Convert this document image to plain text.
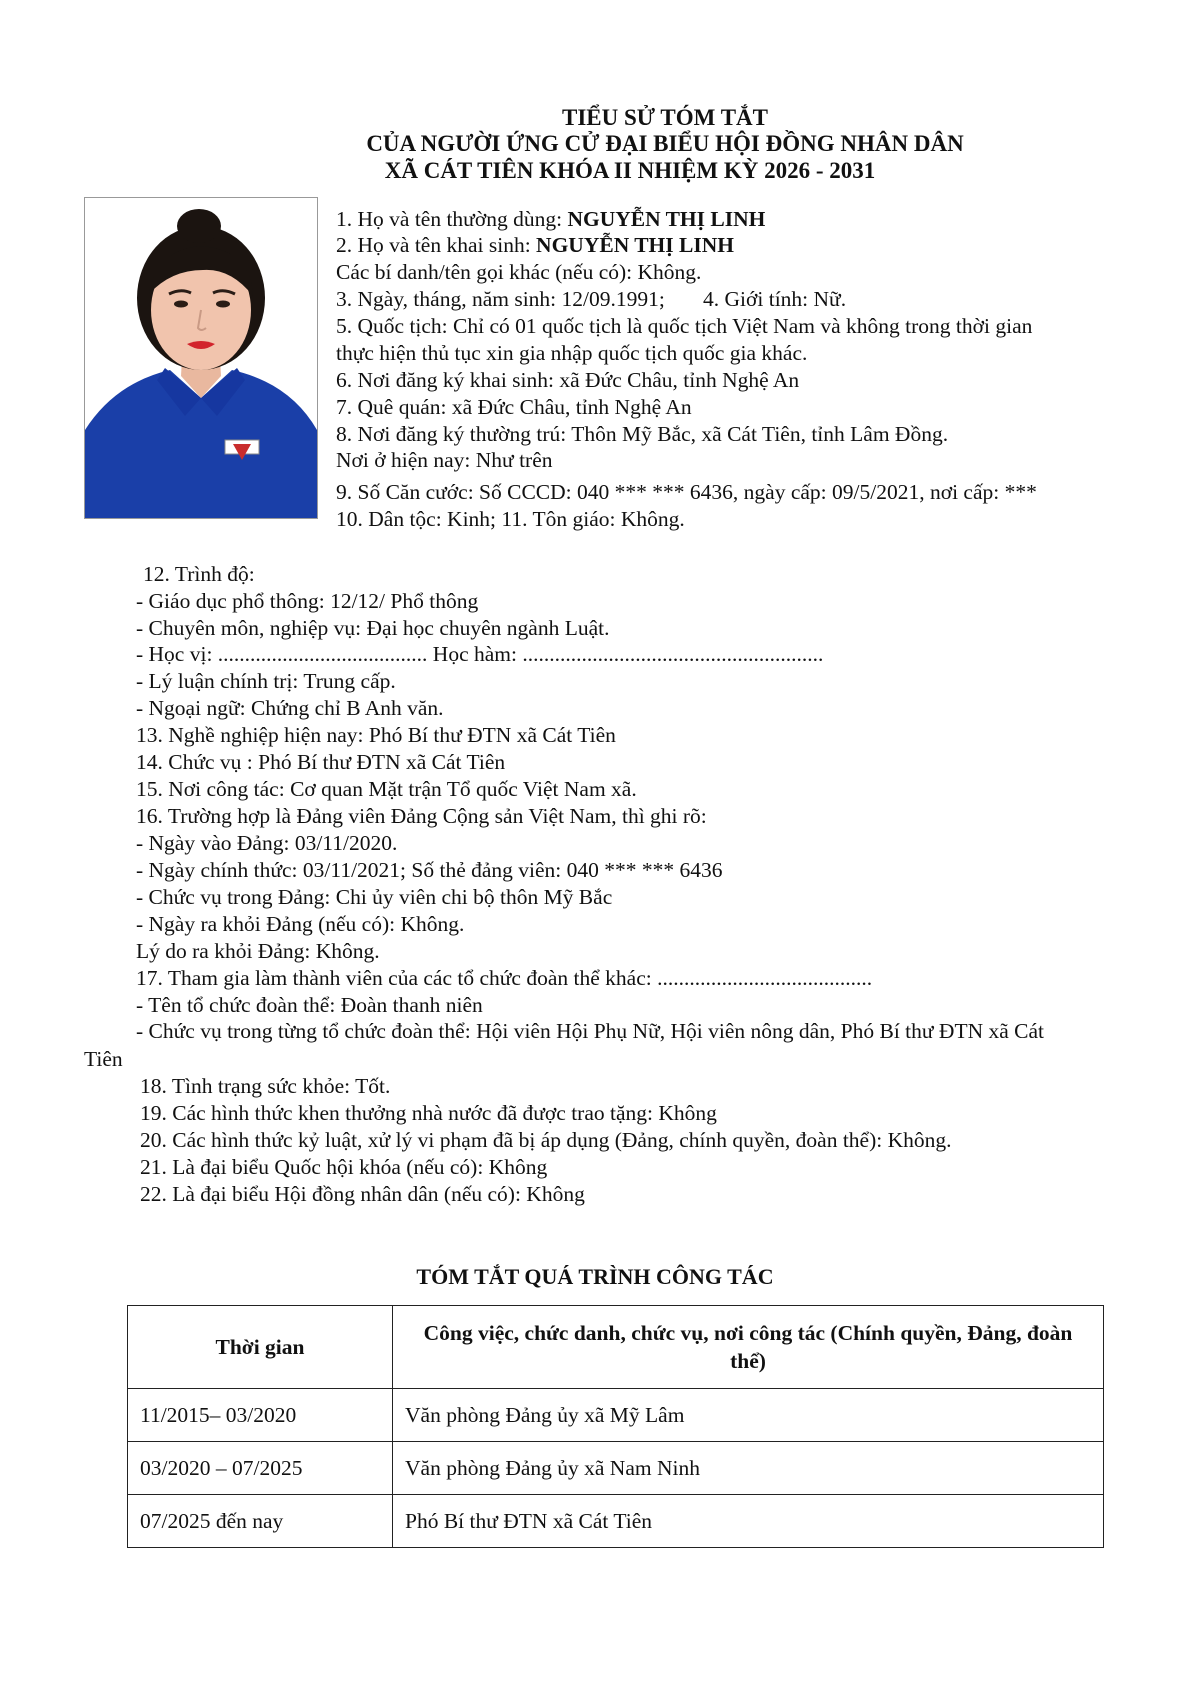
TIỂU SỬ TÓM TẮT
CỦA NGƯỜI ỨNG CỬ ĐẠI BIỂU HỘI ĐỒNG NHÂN DÂN
XÃ CÁT TIÊN KHÓA II NHIỆM KỲ 2026 - 2031
1. Họ và tên thường dùng: NGUYỄN THỊ LINH
2. Họ và tên khai sinh: NGUYỄN THỊ LINH
Các bí danh/tên gọi khác (nếu có): Không.
3. Ngày, tháng, năm sinh: 12/09.1991; 4. Giới tính: Nữ.
5. Quốc tịch: Chỉ có 01 quốc tịch là quốc tịch Việt Nam và không trong thời gian
thực hiện thủ tục xin gia nhập quốc tịch quốc gia khác.
6. Nơi đăng ký khai sinh: xã Đức Châu, tỉnh Nghệ An
7. Quê quán: xã Đức Châu, tỉnh Nghệ An
8. Nơi đăng ký thường trú: Thôn Mỹ Bắc, xã Cát Tiên, tỉnh Lâm Đồng.
Nơi ở hiện nay: Như trên
9. Số Căn cước: Số CCCD: 040 *** *** 6436, ngày cấp: 09/5/2021, nơi cấp: ***
10. Dân tộc: Kinh; 11. Tôn giáo: Không.
12. Trình độ:
- Giáo dục phổ thông: 12/12/ Phổ thông
- Chuyên môn, nghiệp vụ: Đại học chuyên ngành Luật.
- Học vị: ....................................... Học hàm: ........................................................
- Lý luận chính trị: Trung cấp.
- Ngoại ngữ: Chứng chỉ B Anh văn.
13. Nghề nghiệp hiện nay: Phó Bí thư ĐTN xã Cát Tiên
14. Chức vụ : Phó Bí thư ĐTN xã Cát Tiên
15. Nơi công tác: Cơ quan Mặt trận Tổ quốc Việt Nam xã.
16. Trường hợp là Đảng viên Đảng Cộng sản Việt Nam, thì ghi rõ:
- Ngày vào Đảng: 03/11/2020.
- Ngày chính thức: 03/11/2021; Số thẻ đảng viên: 040 *** *** 6436
- Chức vụ trong Đảng: Chi ủy viên chi bộ thôn Mỹ Bắc
- Ngày ra khỏi Đảng (nếu có): Không.
Lý do ra khỏi Đảng: Không.
17. Tham gia làm thành viên của các tổ chức đoàn thể khác: ........................................
- Tên tổ chức đoàn thể: Đoàn thanh niên
- Chức vụ trong từng tổ chức đoàn thể: Hội viên Hội Phụ Nữ, Hội viên nông dân, Phó Bí thư ĐTN xã Cát
Tiên
18. Tình trạng sức khỏe: Tốt.
19. Các hình thức khen thưởng nhà nước đã được trao tặng: Không
20. Các hình thức kỷ luật, xử lý vi phạm đã bị áp dụng (Đảng, chính quyền, đoàn thể): Không.
21. Là đại biểu Quốc hội khóa (nếu có): Không
22. Là đại biểu Hội đồng nhân dân (nếu có): Không
TÓM TẮT QUÁ TRÌNH CÔNG TÁC
Thời gian	Công việc, chức danh, chức vụ, nơi công tác (Chính quyền, Đảng, đoàn thể)
11/2015– 03/2020	Văn phòng Đảng ủy xã Mỹ Lâm
03/2020 – 07/2025	Văn phòng Đảng ủy xã Nam Ninh
07/2025 đến nay	Phó Bí thư ĐTN xã Cát Tiên
